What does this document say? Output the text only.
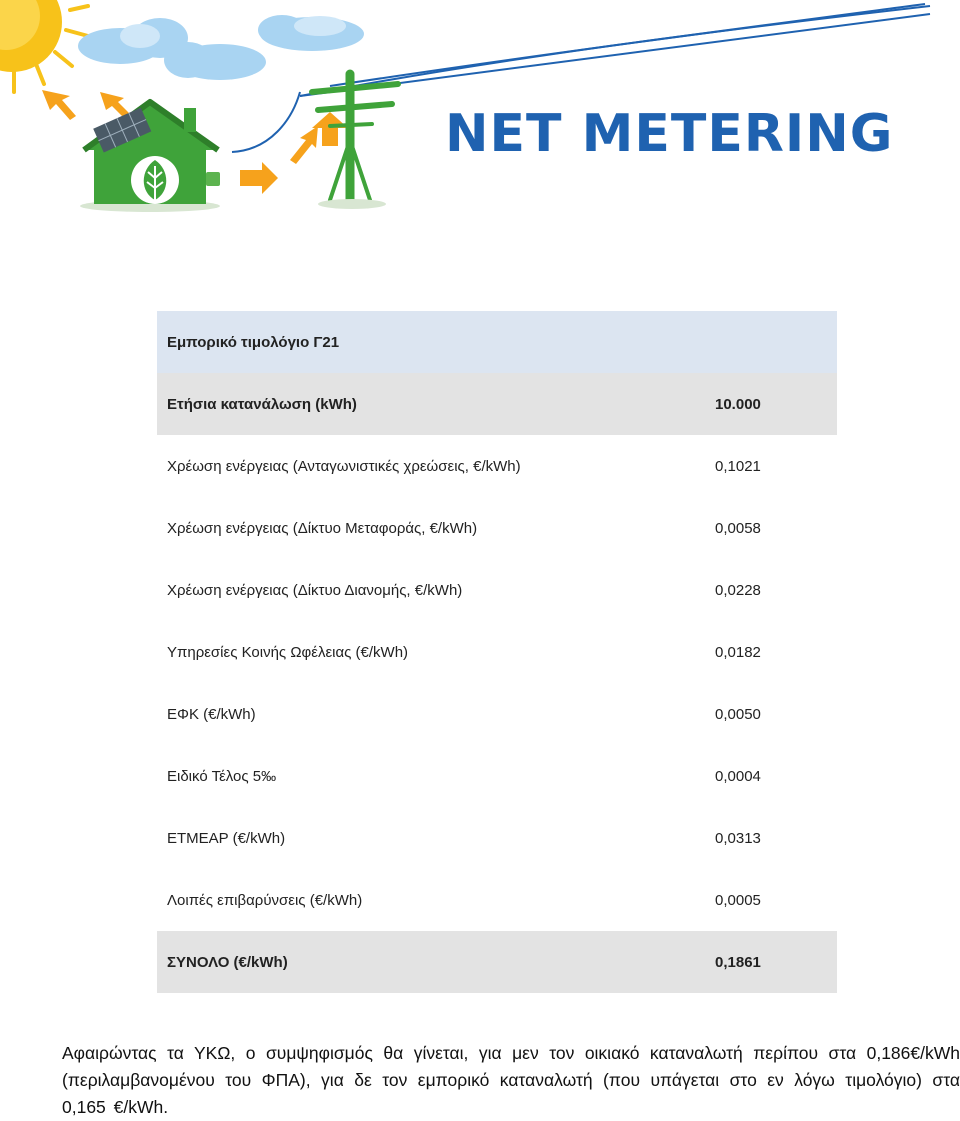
NET METERING
Εμπορικό τιμολόγιο Γ21	
Ετήσια κατανάλωση (kWh)	10.000
Χρέωση ενέργειας (Ανταγωνιστικές χρεώσεις, €/kWh)	0,1021
Χρέωση ενέργειας (Δίκτυο Μεταφοράς, €/kWh)	0,0058
Χρέωση ενέργειας (Δίκτυο Διανομής, €/kWh)	0,0228
Υπηρεσίες Κοινής Ωφέλειας (€/kWh)	0,0182
ΕΦΚ (€/kWh)	0,0050
Ειδικό Τέλος 5‰	0,0004
ΕΤΜΕΑΡ (€/kWh)	0,0313
Λοιπές επιβαρύνσεις (€/kWh)	0,0005
ΣΥΝΟΛΟ (€/kWh)	0,1861

Αφαιρώντας τα ΥΚΩ, ο συμψηφισμός θα γίνεται, για μεν τον οικιακό καταναλωτή περίπου στα 0,186€/kWh (περιλαμβανομένου του ΦΠΑ), για δε τον εμπορικό καταναλωτή (που υπάγεται στο εν λόγω τιμολόγιο) στα 0,165 €/kWh.
